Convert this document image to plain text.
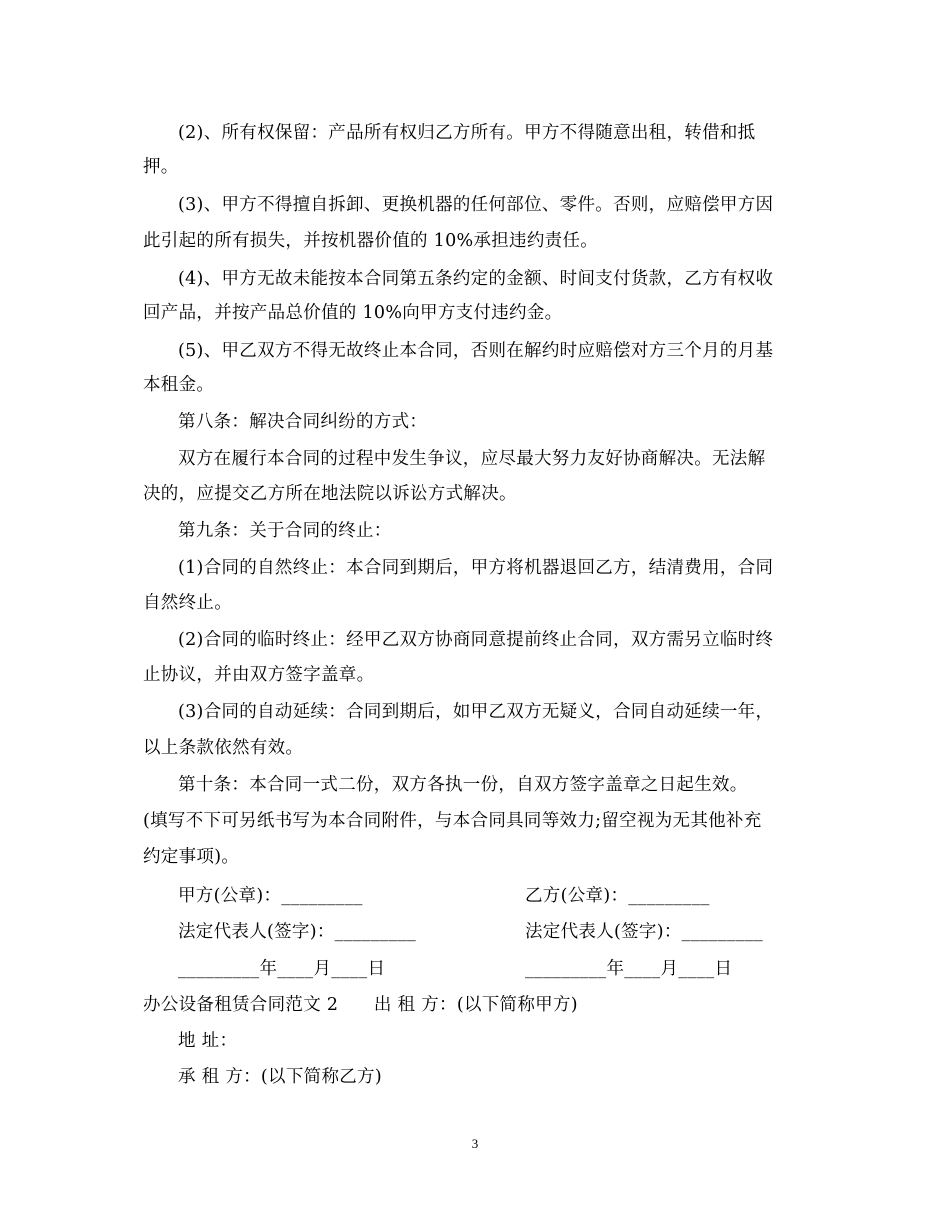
(2)、所有权保留：产品所有权归乙方所有。甲方不得随意出租，转借和抵
押。
(3)、甲方不得擅自拆卸、更换机器的任何部位、零件。否则，应赔偿甲方因
此引起的所有损失，并按机器价值的 10%承担违约责任。
(4)、甲方无故未能按本合同第五条约定的金额、时间支付货款，乙方有权收
回产品，并按产品总价值的 10%向甲方支付违约金。
(5)、甲乙双方不得无故终止本合同，否则在解约时应赔偿对方三个月的月基
本租金。
第八条：解决合同纠纷的方式：
双方在履行本合同的过程中发生争议，应尽最大努力友好协商解决。无法解
决的，应提交乙方所在地法院以诉讼方式解决。
第九条：关于合同的终止：
(1)合同的自然终止：本合同到期后，甲方将机器退回乙方，结清费用，合同
自然终止。
(2)合同的临时终止：经甲乙双方协商同意提前终止合同，双方需另立临时终
止协议，并由双方签字盖章。
(3)合同的自动延续：合同到期后，如甲乙双方无疑义，合同自动延续一年，
以上条款依然有效。
第十条：本合同一式二份，双方各执一份，自双方签字盖章之日起生效。
(填写不下可另纸书写为本合同附件，与本合同具同等效力;留空视为无其他补充
约定事项)。
甲方(公章)：_________	乙方(公章)：_________
法定代表人(签字)：_________	法定代表人(签字)：_________
_________年____月____日	_________年____月____日
办公设备租赁合同范文 2　　出 租 方：(以下简称甲方)
地 址：
承 租 方：(以下简称乙方)
3
